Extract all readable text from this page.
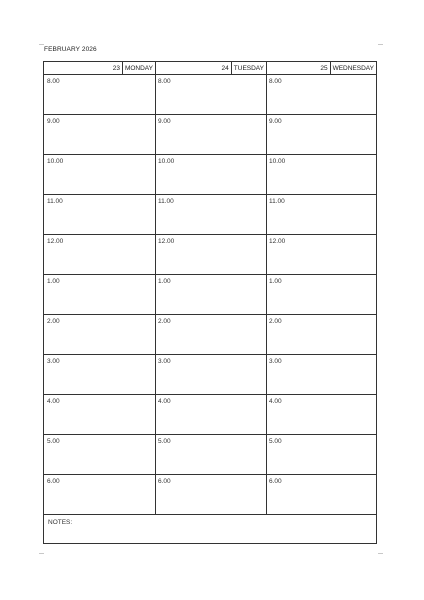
FEBRUARY 2026
23 MONDAY	24 TUESDAY	25 WEDNESDAY
8.00	8.00	8.00
9.00	9.00	9.00
10.00	10.00	10.00
11.00	11.00	11.00
12.00	12.00	12.00
1.00	1.00	1.00
2.00	2.00	2.00
3.00	3.00	3.00
4.00	4.00	4.00
5.00	5.00	5.00
6.00	6.00	6.00
NOTES:
